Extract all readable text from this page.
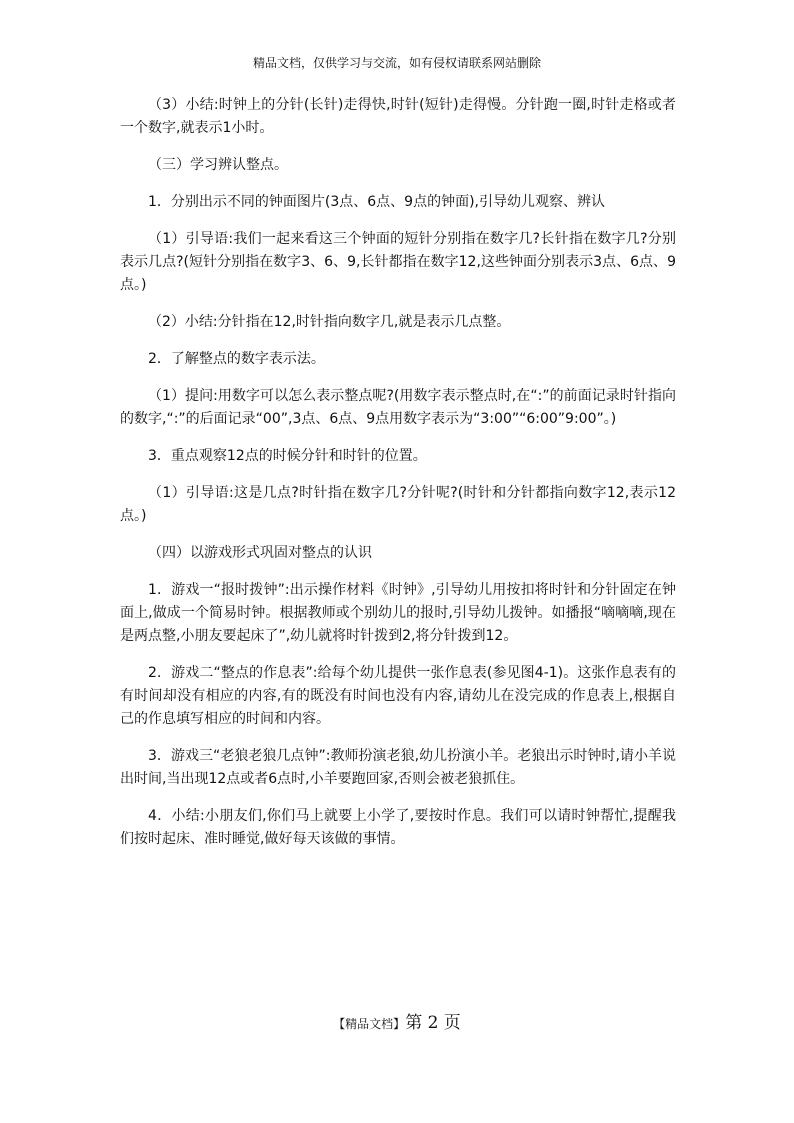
精品文档，仅供学习与交流，如有侵权请联系网站删除

（3）小结:时钟上的分针(长针)走得快,时针(短针)走得慢。分针跑一圈,时针走格或者一个数字,就表示1小时。

（三）学习辨认整点。

1．分别出示不同的钟面图片(3点、6点、9点的钟面),引导幼儿观察、辨认

（1）引导语:我们一起来看这三个钟面的短针分别指在数字几?长针指在数字几?分别表示几点?(短针分别指在数字3、6、9,长针都指在数字12,这些钟面分别表示3点、6点、9点。)

（2）小结:分针指在12,时针指向数字几,就是表示几点整。

2．了解整点的数字表示法。

（1）提问:用数字可以怎么表示整点呢?(用数字表示整点时,在“:”的前面记录时针指向的数字,“:”的后面记录“00”,3点、6点、9点用数字表示为“3:00”“6:00”9:00”。)

3．重点观察12点的时候分针和时针的位置。

（1）引导语:这是几点?时针指在数字几?分针呢?(时针和分针都指向数字12,表示12点。)

（四）以游戏形式巩固对整点的认识

1．游戏一“报时拨钟”:出示操作材料《时钟》,引导幼儿用按扣将时针和分针固定在钟面上,做成一个简易时钟。根据教师或个别幼儿的报时,引导幼儿拨钟。如播报“嘀嘀嘀,现在是两点整,小朋友要起床了”,幼儿就将时针拨到2,将分针拨到12。

2．游戏二“整点的作息表”:给每个幼儿提供一张作息表(参见图4-1)。这张作息表有的有时间却没有相应的内容,有的既没有时间也没有内容,请幼儿在没完成的作息表上,根据自己的作息填写相应的时间和内容。

3．游戏三“老狼老狼几点钟”:教师扮演老狼,幼儿扮演小羊。老狼出示时钟时,请小羊说出时间,当出现12点或者6点时,小羊要跑回家,否则会被老狼抓住。

4．小结:小朋友们,你们马上就要上小学了,要按时作息。我们可以请时钟帮忙,提醒我们按时起床、准时睡觉,做好每天该做的事情。

【精品文档】第 2 页
